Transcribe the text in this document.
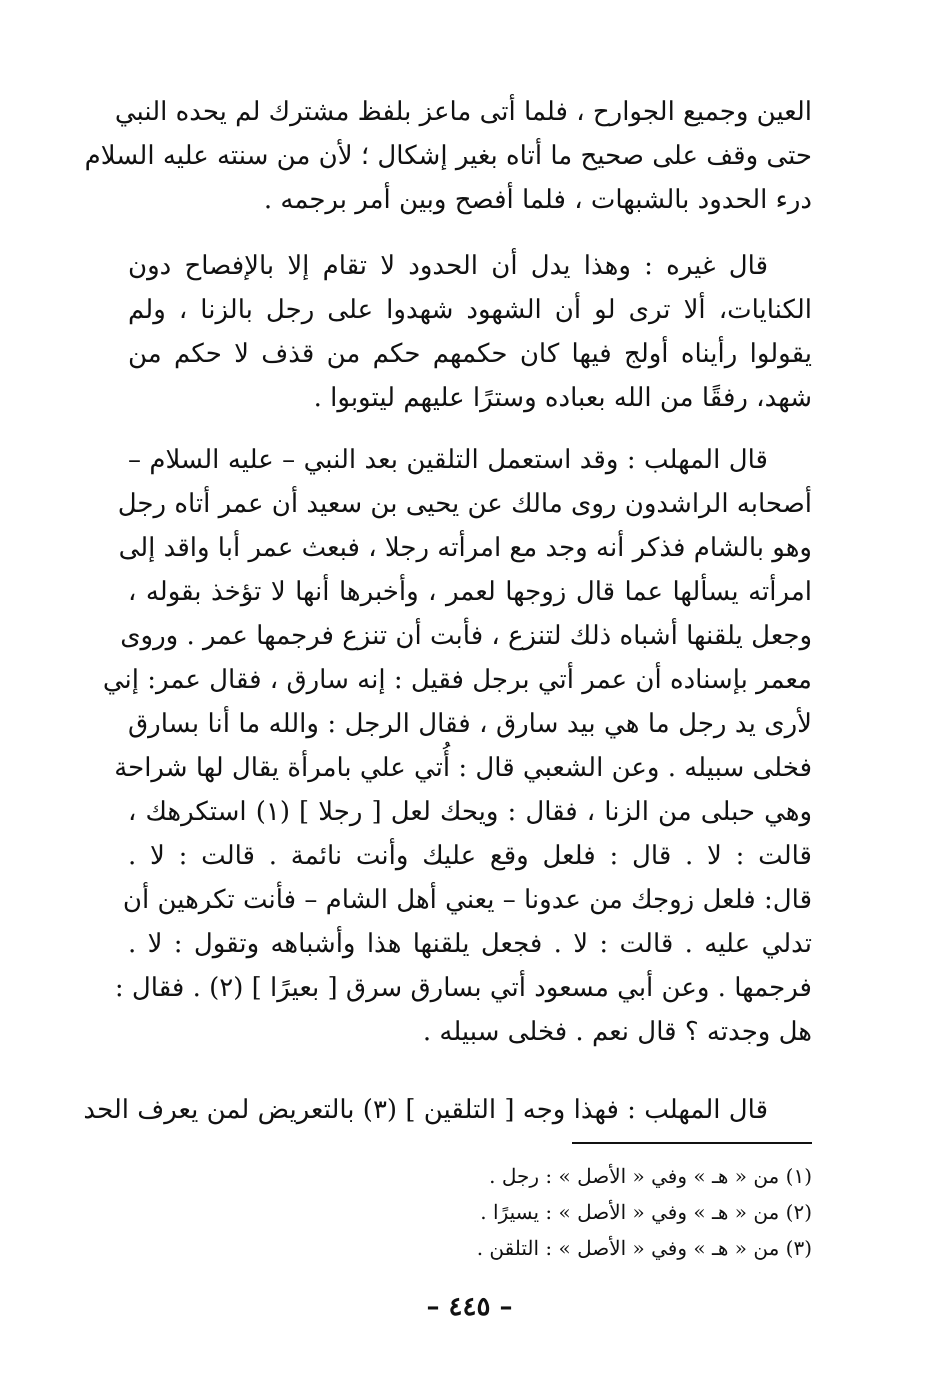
العين وجميع الجوارح ، فلما أتى ماعز بلفظ مشترك لم يحده النبي
حتى وقف على صحيح ما أتاه بغير إشكال ؛ لأن من سنته عليه السلام
درء الحدود بالشبهات ، فلما أفصح وبين أمر برجمه .
قال غيره : وهذا يدل أن الحدود لا تقام إلا بالإفصاح دون
الكنايات، ألا ترى لو أن الشهود شهدوا على رجل بالزنا ، ولم
يقولوا رأيناه أولج فيها كان حكمهم حكم من قذف لا حكم من
شهد، رفقًا من الله بعباده وسترًا عليهم ليتوبوا .
قال المهلب : وقد استعمل التلقين بعد النبي – عليه السلام –
أصحابه الراشدون روى مالك عن يحيى بن سعيد أن عمر أتاه رجل
وهو بالشام فذكر أنه وجد مع امرأته رجلا ، فبعث عمر أبا واقد إلى
امرأته يسألها عما قال زوجها لعمر ، وأخبرها أنها لا تؤخذ بقوله ،
وجعل يلقنها أشباه ذلك لتنزع ، فأبت أن تنزع فرجمها عمر . وروى
معمر بإسناده أن عمر أتي برجل فقيل : إنه سارق ، فقال عمر: إني
لأرى يد رجل ما هي بيد سارق ، فقال الرجل : والله ما أنا بسارق
فخلى سبيله . وعن الشعبي قال : أُتي علي بامرأة يقال لها شراحة
وهي حبلى من الزنا ، فقال : ويحك لعل [ رجلا ] (١) استكرهك ،
قالت : لا . قال : فلعل وقع عليك وأنت نائمة . قالت : لا .
قال: فلعل زوجك من عدونا – يعني أهل الشام – فأنت تكرهين أن
تدلي عليه . قالت : لا . فجعل يلقنها هذا وأشباهه وتقول : لا .
فرجمها . وعن أبي مسعود أتي بسارق سرق [ بعيرًا ] (٢) . فقال :
هل وجدته ؟ قال نعم . فخلى سبيله .
قال المهلب : فهذا وجه [ التلقين ] (٣) بالتعريض لمن يعرف الحد
(١) من « هـ » وفي « الأصل » : رجل .
(٢) من « هـ » وفي « الأصل » : يسيرًا .
(٣) من « هـ » وفي « الأصل » : التلقن .
– ٤٤٥ –
